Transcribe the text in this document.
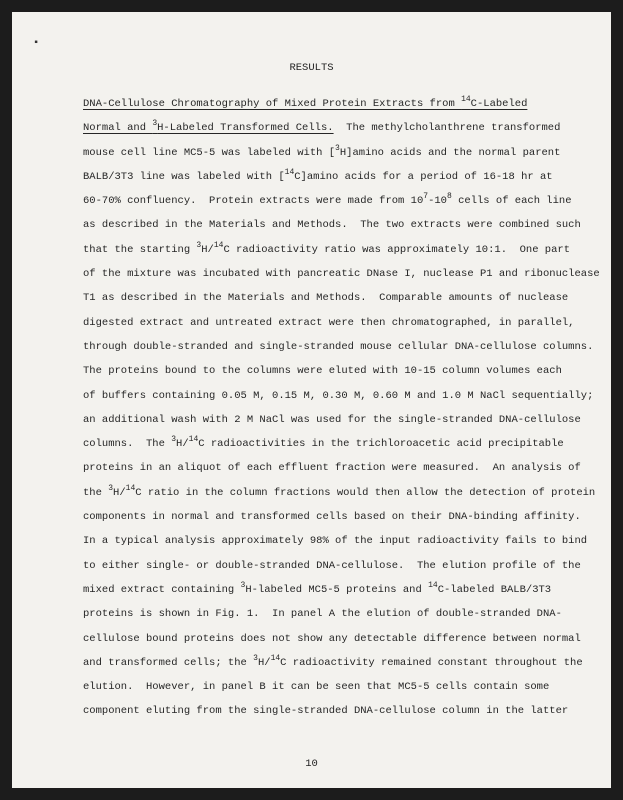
▪
RESULTS
DNA-Cellulose Chromatography of Mixed Protein Extracts from $^{14}$C-Labeled
Normal and $^3$H-Labeled Transformed Cells.  The methylcholanthrene transformed
mouse cell line MC5-5 was labeled with [$^3$H]amino acids and the normal parent
BALB/3T3 line was labeled with [$^{14}$C]amino acids for a period of 16-18 hr at
60-70% confluency.  Protein extracts were made from $10^7-10^8$ cells of each line
as described in the Materials and Methods.  The two extracts were combined such
that the starting $^3$H/$^{14}$C radioactivity ratio was approximately 10:1.  One part
of the mixture was incubated with pancreatic DNase I, nuclease P1 and ribonuclease
T1 as described in the Materials and Methods.  Comparable amounts of nuclease
digested extract and untreated extract were then chromatographed, in parallel,
through double-stranded and single-stranded mouse cellular DNA-cellulose columns.
The proteins bound to the columns were eluted with 10-15 column volumes each
of buffers containing 0.05 M, 0.15 M, 0.30 M, 0.60 M and 1.0 M NaCl sequentially;
an additional wash with 2 M NaCl was used for the single-stranded DNA-cellulose
columns.  The $^3$H/$^{14}$C radioactivities in the trichloroacetic acid precipitable
proteins in an aliquot of each effluent fraction were measured.  An analysis of
the $^3$H/$^{14}$C ratio in the column fractions would then allow the detection of protein
components in normal and transformed cells based on their DNA-binding affinity.
In a typical analysis approximately 98% of the input radioactivity fails to bind
to either single- or double-stranded DNA-cellulose.  The elution profile of the
mixed extract containing $^3$H-labeled MC5-5 proteins and $^{14}$C-labeled BALB/3T3
proteins is shown in Fig. 1.  In panel A the elution of double-stranded DNA-
cellulose bound proteins does not show any detectable difference between normal
and transformed cells; the $^3$H/$^{14}$C radioactivity remained constant throughout the
elution.  However, in panel B it can be seen that MC5-5 cells contain some
component eluting from the single-stranded DNA-cellulose column in the latter
10
